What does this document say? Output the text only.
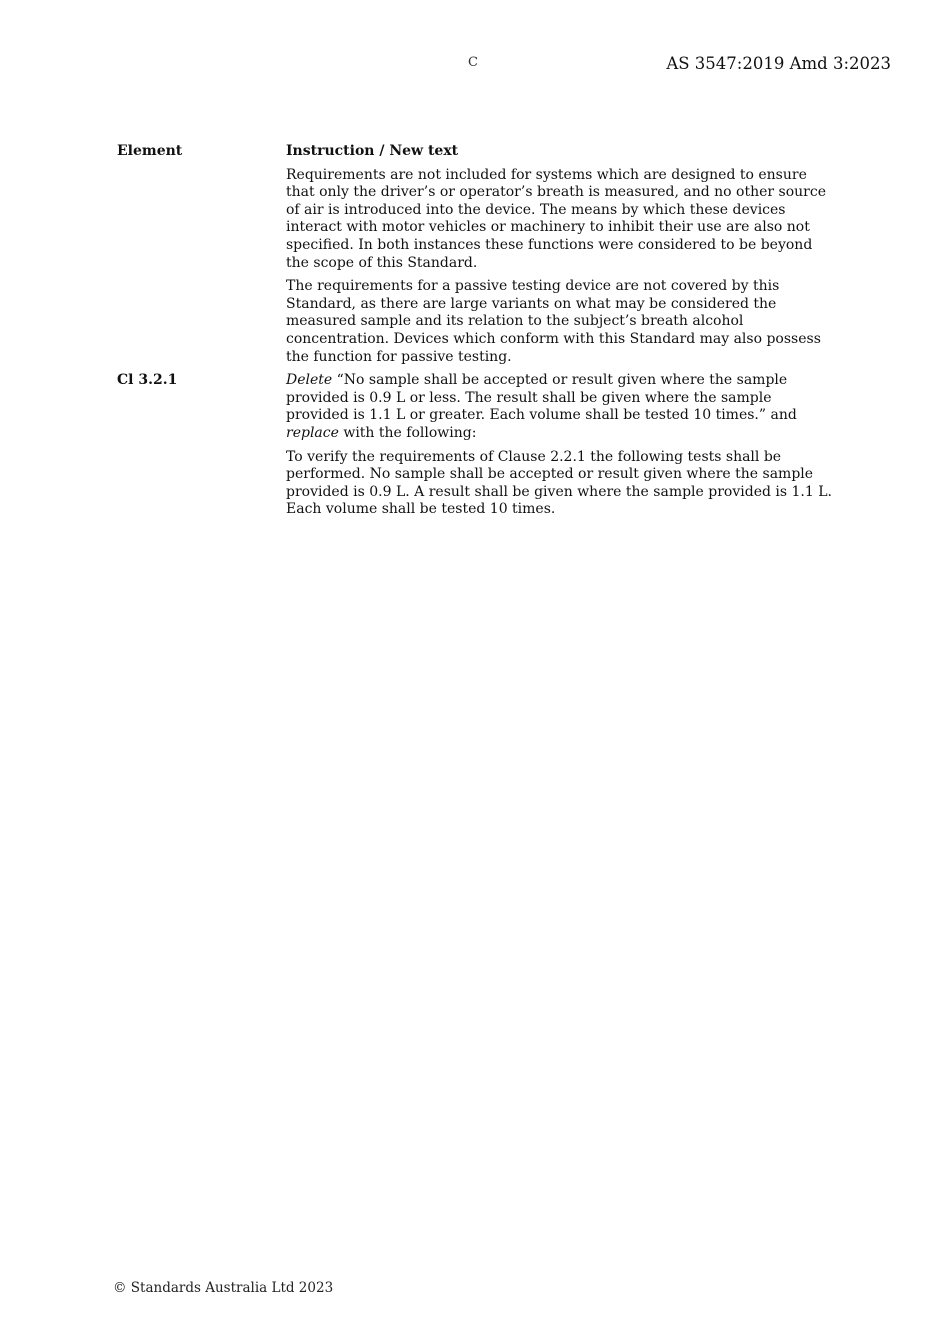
C	AS 3547:2019 Amd 3:2023
Element	Instruction / New text

Requirements are not included for systems which are designed to ensure that only the driver’s or operator’s breath is measured, and no other source of air is introduced into the device. The means by which these devices interact with motor vehicles or machinery to inhibit their use are also not specified. In both instances these functions were considered to be beyond the scope of this Standard.

The requirements for a passive testing device are not covered by this Standard, as there are large variants on what may be considered the measured sample and its relation to the subject’s breath alcohol concentration. Devices which conform with this Standard may also possess the function for passive testing.

Cl 3.2.1	Delete “No sample shall be accepted or result given where the sample provided is 0.9 L or less. The result shall be given where the sample provided is 1.1 L or greater. Each volume shall be tested 10 times.” and replace with the following:

To verify the requirements of Clause 2.2.1 the following tests shall be performed. No sample shall be accepted or result given where the sample provided is 0.9 L. A result shall be given where the sample provided is 1.1 L. Each volume shall be tested 10 times.

© Standards Australia Ltd 2023
